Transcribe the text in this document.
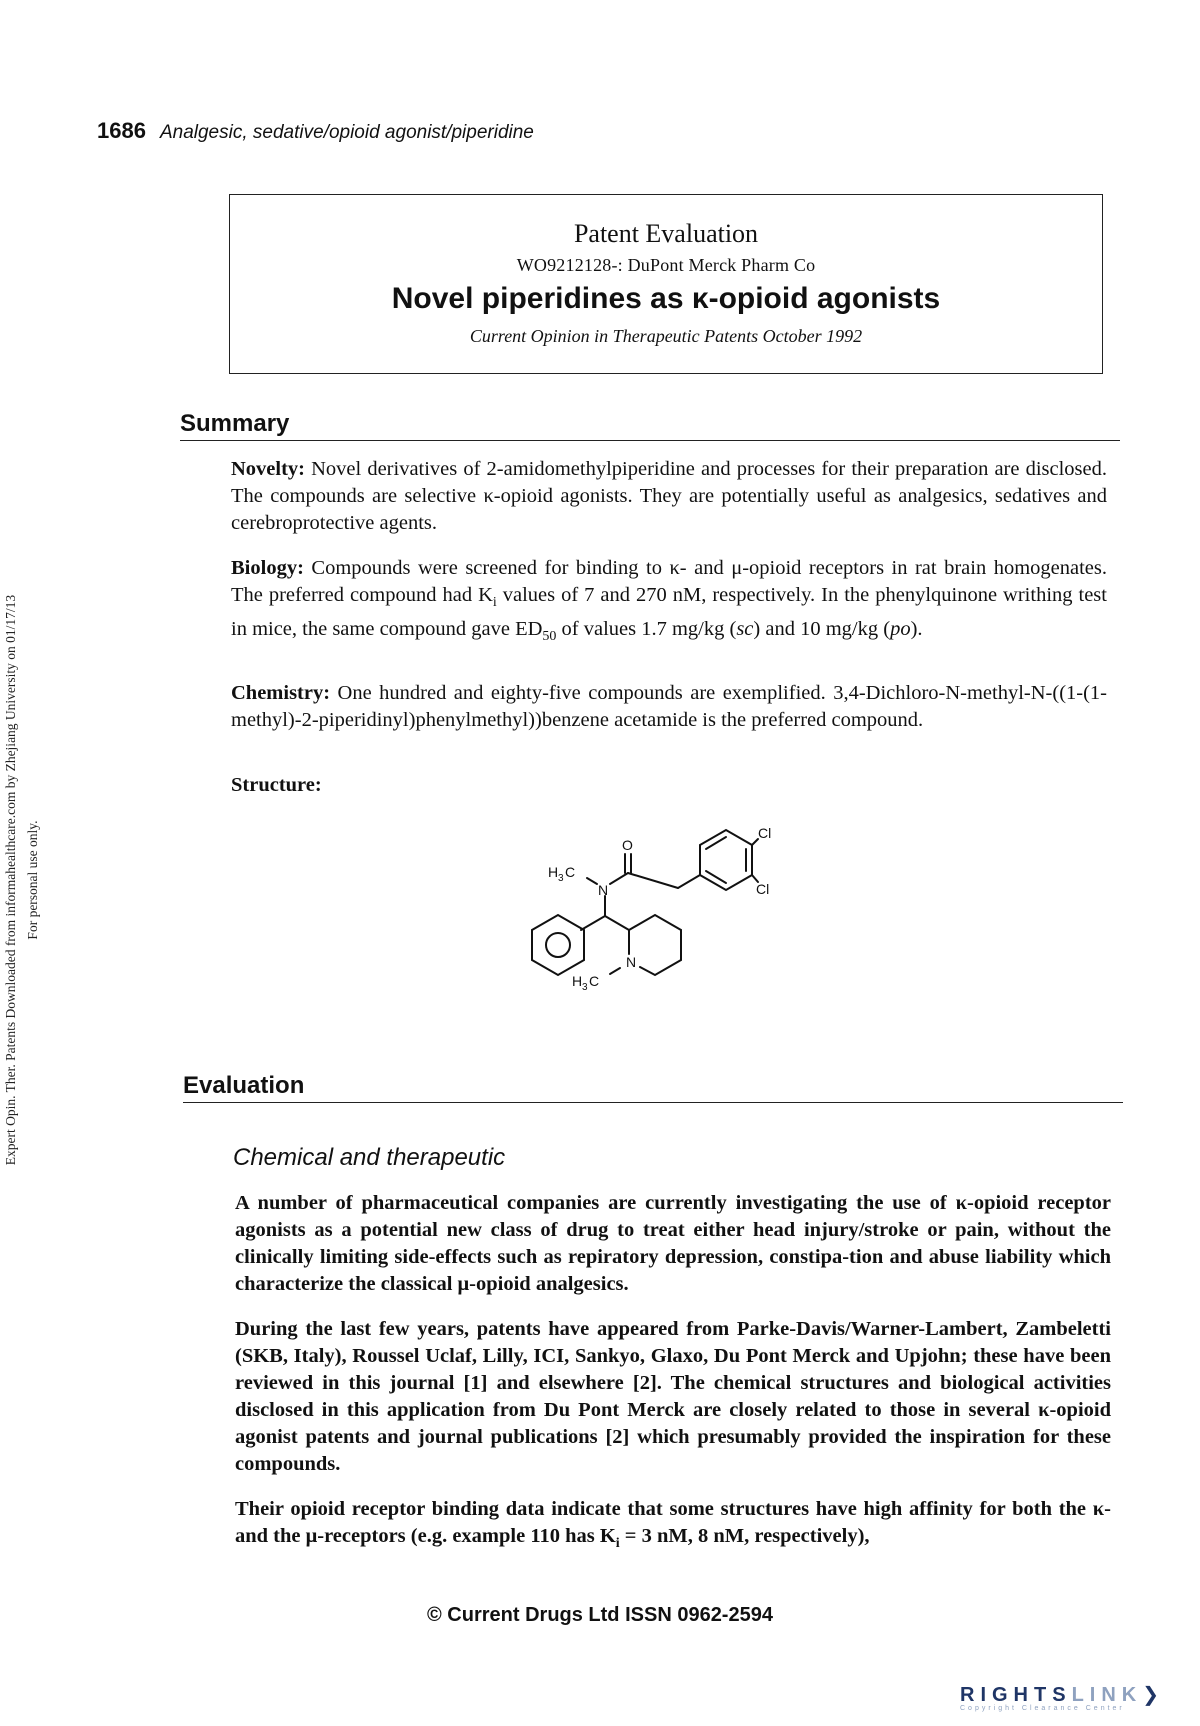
1686 Analgesic, sedative/opioid agonist/piperidine
Expert Opin. Ther. Patents Downloaded from informahealthcare.com by Zhejiang University on 01/17/13 For personal use only.
Patent Evaluation
WO9212128-: DuPont Merck Pharm Co
Novel piperidines as κ-opioid agonists
Current Opinion in Therapeutic Patents October 1992
Summary
Novelty: Novel derivatives of 2-amidomethylpiperidine and processes for their preparation are disclosed. The compounds are selective κ-opioid agonists. They are potentially useful as analgesics, sedatives and cerebroprotective agents.
Biology: Compounds were screened for binding to κ- and μ-opioid receptors in rat brain homogenates. The preferred compound had $K_i$ values of 7 and 270 nM, respectively. In the phenylquinone writhing test in mice, the same compound gave $ED_{50}$ of values 1.7 mg/kg (sc) and 10 mg/kg (po).
Chemistry: One hundred and eighty-five compounds are exemplified. 3,4-Dichloro-N-methyl-N-((1-(1-methyl)-2-piperidinyl)phenylmethyl))benzene acetamide is the preferred compound.
Structure:
O
Cl
Cl
N
N
H 3 C
H 3 C
Evaluation
Chemical and therapeutic
A number of pharmaceutical companies are currently investigating the use of κ-opioid receptor agonists as a potential new class of drug to treat either head injury/stroke or pain, without the clinically limiting side-effects such as repiratory depression, constipa-tion and abuse liability which characterize the classical μ-opioid analgesics.
During the last few years, patents have appeared from Parke-Davis/Warner-Lambert, Zambeletti (SKB, Italy), Roussel Uclaf, Lilly, ICI, Sankyo, Glaxo, Du Pont Merck and Upjohn; these have been reviewed in this journal [1] and elsewhere [2]. The chemical structures and biological activities disclosed in this application from Du Pont Merck are closely related to those in several κ-opioid agonist patents and journal publications [2] which presumably provided the inspiration for these compounds.
Their opioid receptor binding data indicate that some structures have high affinity for both the κ- and the μ-receptors (e.g. example 110 has $K_i = 3$ nM, 8 nM, respectively),
© Current Drugs Ltd ISSN 0962-2594
RIGHTSLINK❯
Copyright Clearance Center
